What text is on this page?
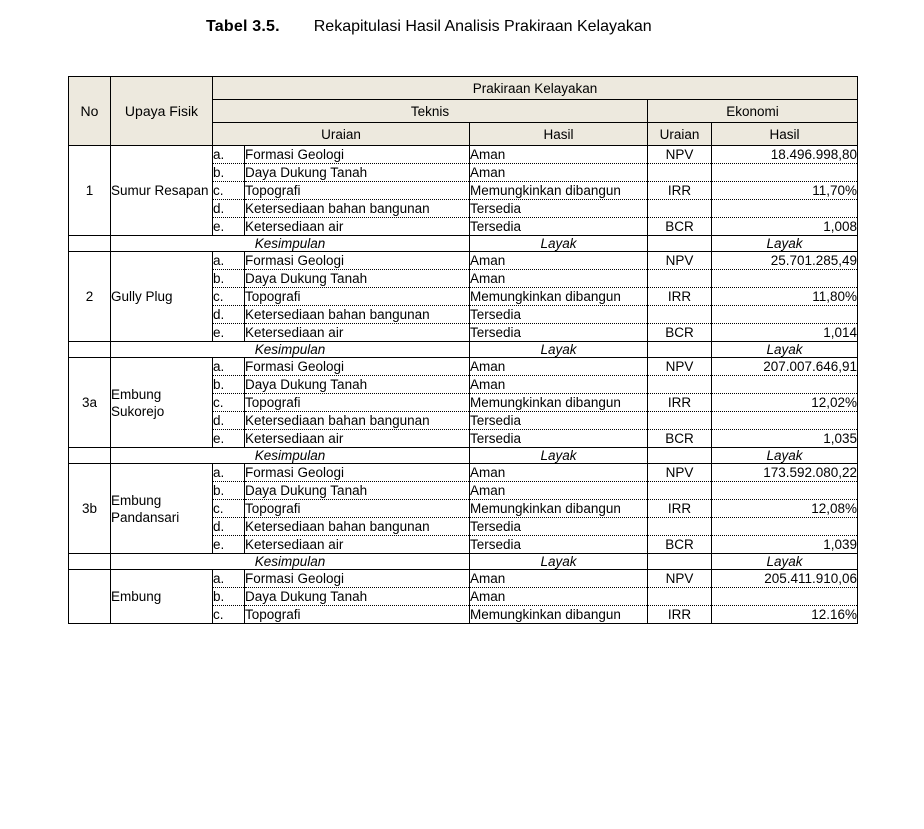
Tabel 3.5. Rekapitulasi Hasil Analisis Prakiraan Kelayakan
No	Upaya Fisik	Prakiraan Kelayakan				
		Teknis			Ekonomi	
		Uraian		Hasil	Uraian	Hasil
1	Sumur Resapan	a.	Formasi Geologi	Aman	NPV	18.496.998,80
		b.	Daya Dukung Tanah	Aman		
		c.	Topografi	Memungkinkan dibangun	IRR	11,70%
		d.	Ketersediaan bahan bangunan	Tersedia		
		e.	Ketersediaan air	Tersedia	BCR	1,008
	Kesimpulan			Layak		Layak
2	Gully Plug	a.	Formasi Geologi	Aman	NPV	25.701.285,49
		b.	Daya Dukung Tanah	Aman		
		c.	Topografi	Memungkinkan dibangun	IRR	11,80%
		d.	Ketersediaan bahan bangunan	Tersedia		
		e.	Ketersediaan air	Tersedia	BCR	1,014
	Kesimpulan			Layak		Layak
3a	Embung Sukorejo	a.	Formasi Geologi	Aman	NPV	207.007.646,91
		b.	Daya Dukung Tanah	Aman		
		c.	Topografi	Memungkinkan dibangun	IRR	12,02%
		d.	Ketersediaan bahan bangunan	Tersedia		
		e.	Ketersediaan air	Tersedia	BCR	1,035
	Kesimpulan			Layak		Layak
3b	Embung Pandansari	a.	Formasi Geologi	Aman	NPV	173.592.080,22
		b.	Daya Dukung Tanah	Aman		
		c.	Topografi	Memungkinkan dibangun	IRR	12,08%
		d.	Ketersediaan bahan bangunan	Tersedia		
		e.	Ketersediaan air	Tersedia	BCR	1,039
	Kesimpulan			Layak		Layak
	Embung	a.	Formasi Geologi	Aman	NPV	205.411.910,06
		b.	Daya Dukung Tanah	Aman		
		c.	Topografi	Memungkinkan dibangun	IRR	12.16%
